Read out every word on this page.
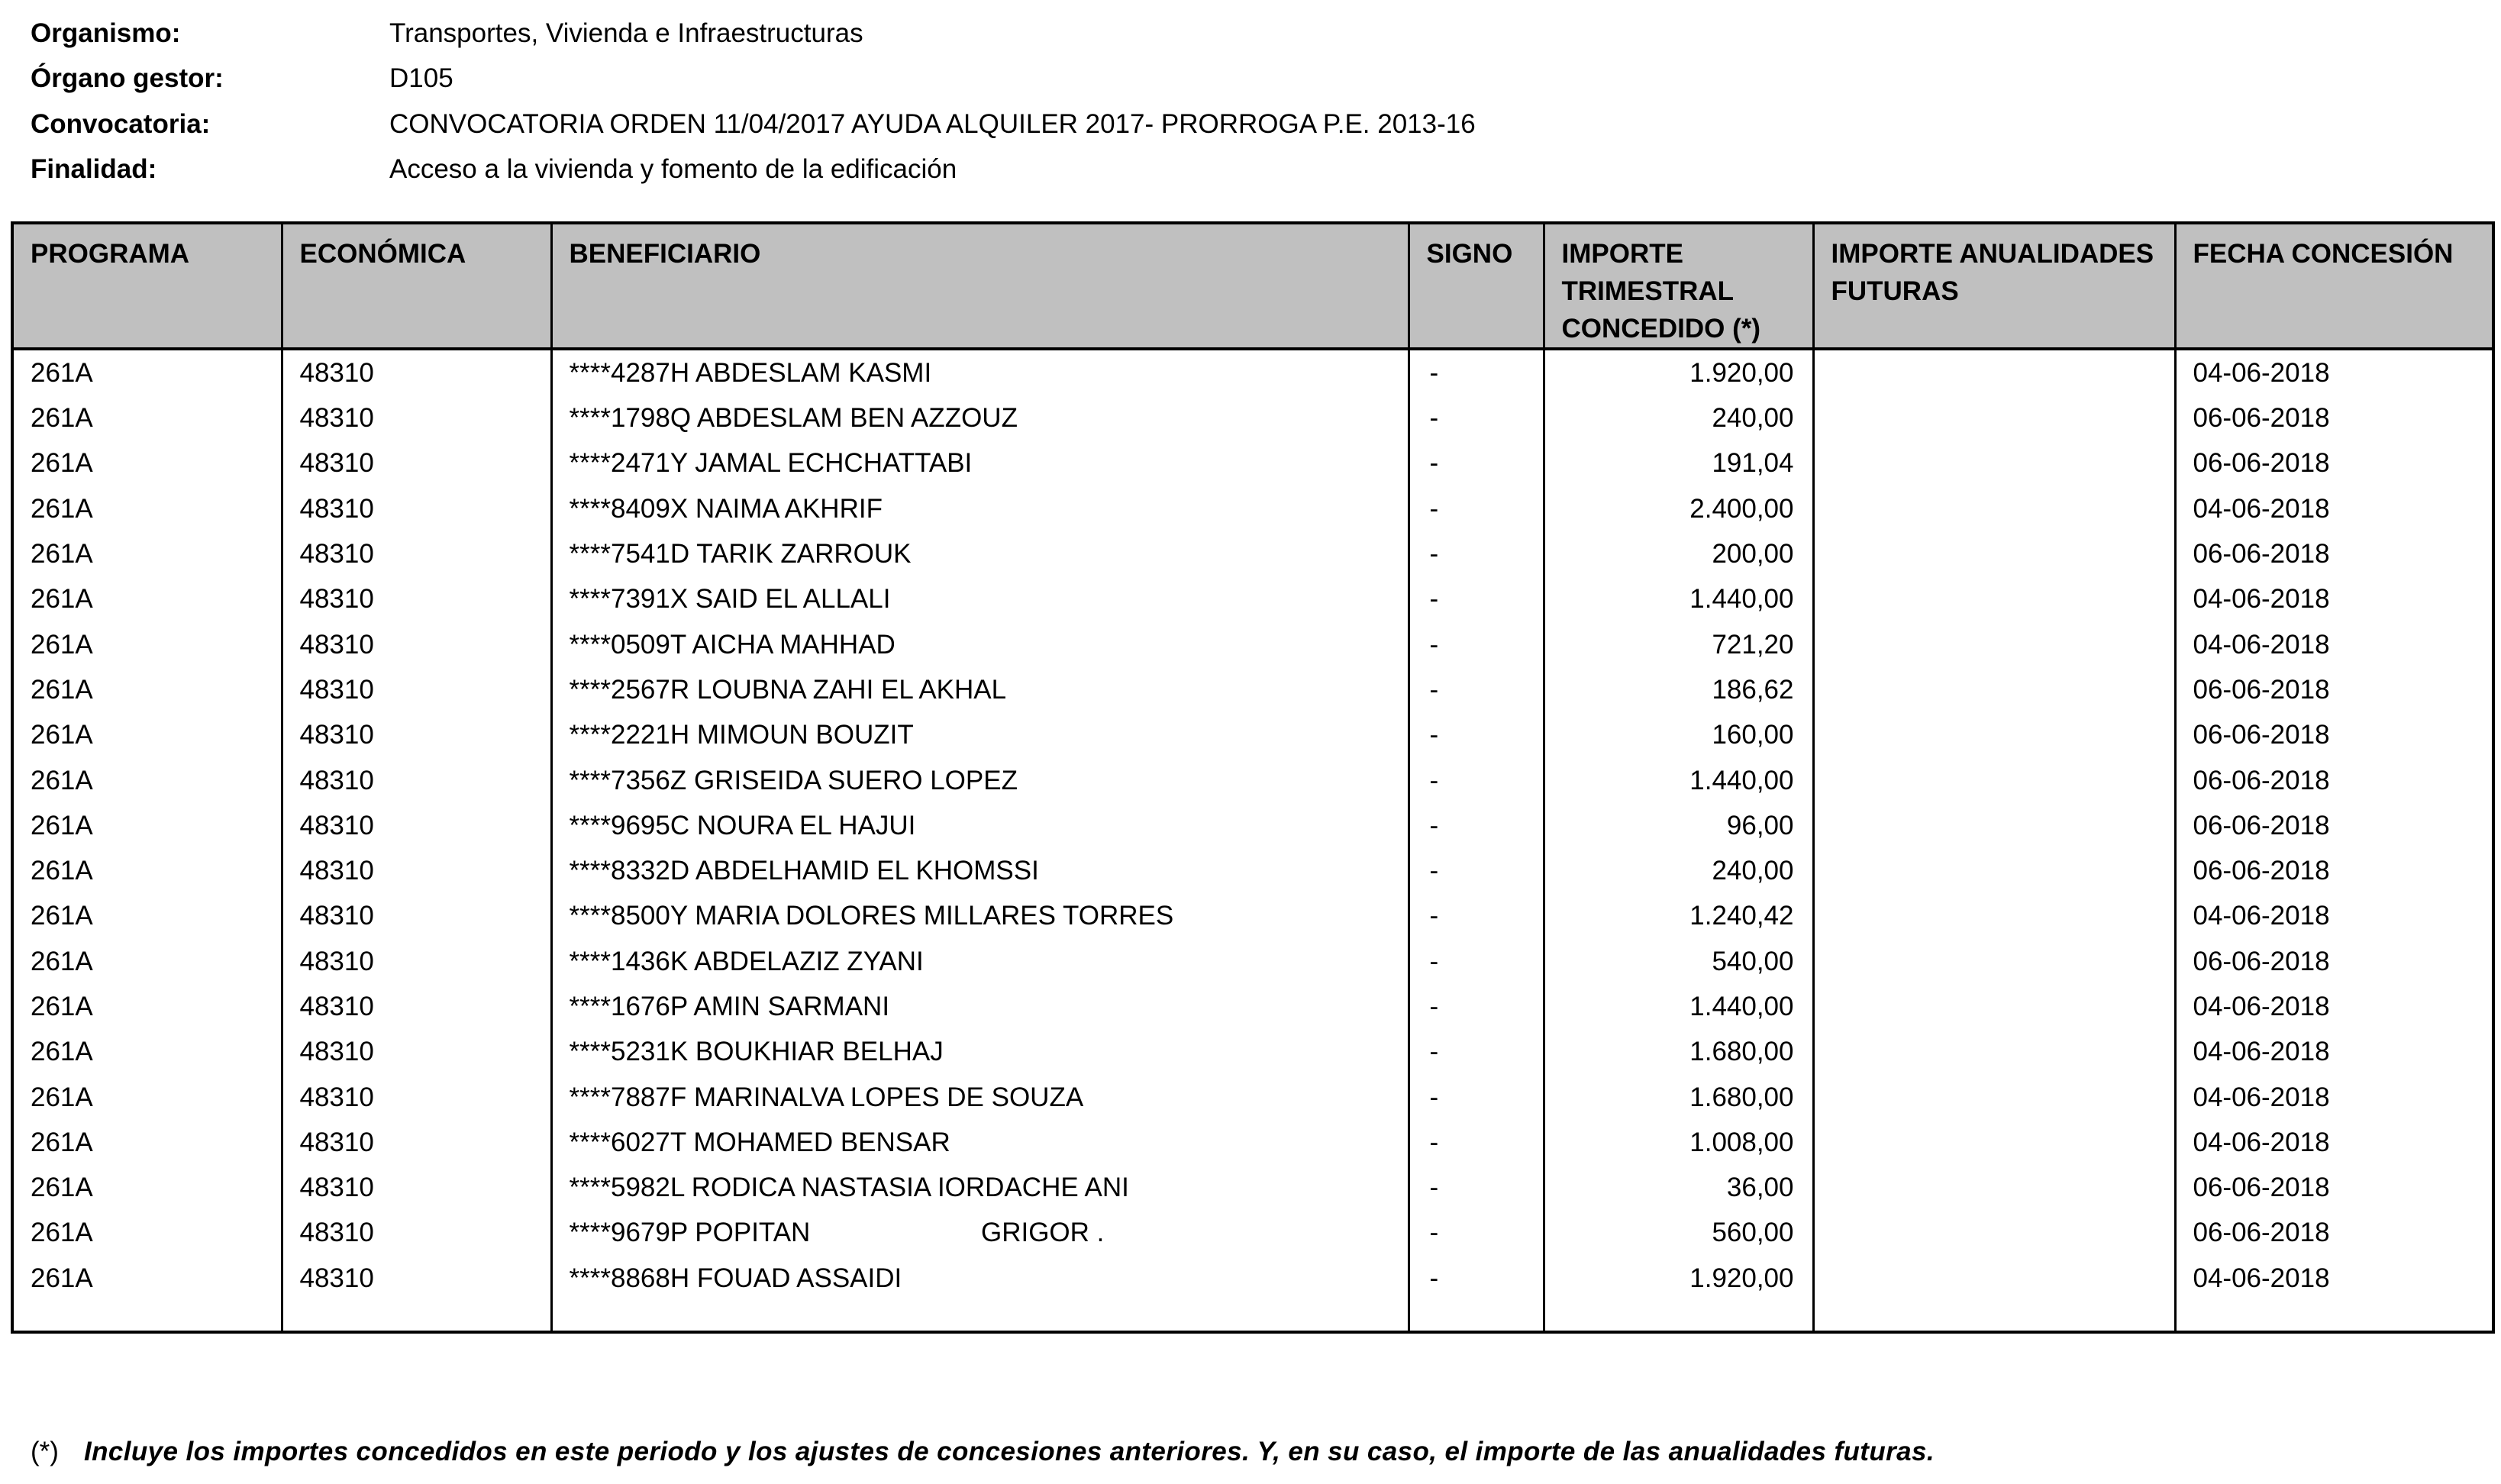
Organismo:	Transportes, Vivienda e Infraestructuras
Órgano gestor:	D105
Convocatoria:	CONVOCATORIA ORDEN 11/04/2017 AYUDA ALQUILER 2017- PRORROGA P.E. 2013-16
Finalidad:	Acceso a la vivienda y fomento de la edificación
PROGRAMA	ECONÓMICA	BENEFICIARIO	SIGNO	IMPORTE TRIMESTRAL CONCEDIDO (*)	IMPORTE ANUALIDADES FUTURAS	FECHA CONCESIÓN
261A	48310	****4287H ABDESLAM KASMI	-	1.920,00		04-06-2018
261A	48310	****1798Q ABDESLAM BEN AZZOUZ	-	240,00		06-06-2018
261A	48310	****2471Y JAMAL ECHCHATTABI	-	191,04		06-06-2018
261A	48310	****8409X NAIMA AKHRIF	-	2.400,00		04-06-2018
261A	48310	****7541D TARIK ZARROUK	-	200,00		06-06-2018
261A	48310	****7391X SAID EL ALLALI	-	1.440,00		04-06-2018
261A	48310	****0509T AICHA MAHHAD	-	721,20		04-06-2018
261A	48310	****2567R LOUBNA ZAHI EL AKHAL	-	186,62		06-06-2018
261A	48310	****2221H MIMOUN BOUZIT	-	160,00		06-06-2018
261A	48310	****7356Z GRISEIDA SUERO LOPEZ	-	1.440,00		06-06-2018
261A	48310	****9695C NOURA EL HAJUI	-	96,00		06-06-2018
261A	48310	****8332D ABDELHAMID EL KHOMSSI	-	240,00		06-06-2018
261A	48310	****8500Y MARIA DOLORES MILLARES TORRES	-	1.240,42		04-06-2018
261A	48310	****1436K ABDELAZIZ ZYANI	-	540,00		06-06-2018
261A	48310	****1676P AMIN SARMANI	-	1.440,00		04-06-2018
261A	48310	****5231K BOUKHIAR BELHAJ	-	1.680,00		04-06-2018
261A	48310	****7887F MARINALVA LOPES DE SOUZA	-	1.680,00		04-06-2018
261A	48310	****6027T MOHAMED BENSAR	-	1.008,00		04-06-2018
261A	48310	****5982L RODICA NASTASIA IORDACHE ANI	-	36,00		06-06-2018
261A	48310	****9679P POPITAN                       GRIGOR .	-	560,00		06-06-2018
261A	48310	****8868H FOUAD ASSAIDI	-	1.920,00		04-06-2018

(*) Incluye los importes concedidos en este periodo y los ajustes de concesiones anteriores. Y, en su caso, el importe de las anualidades futuras.
